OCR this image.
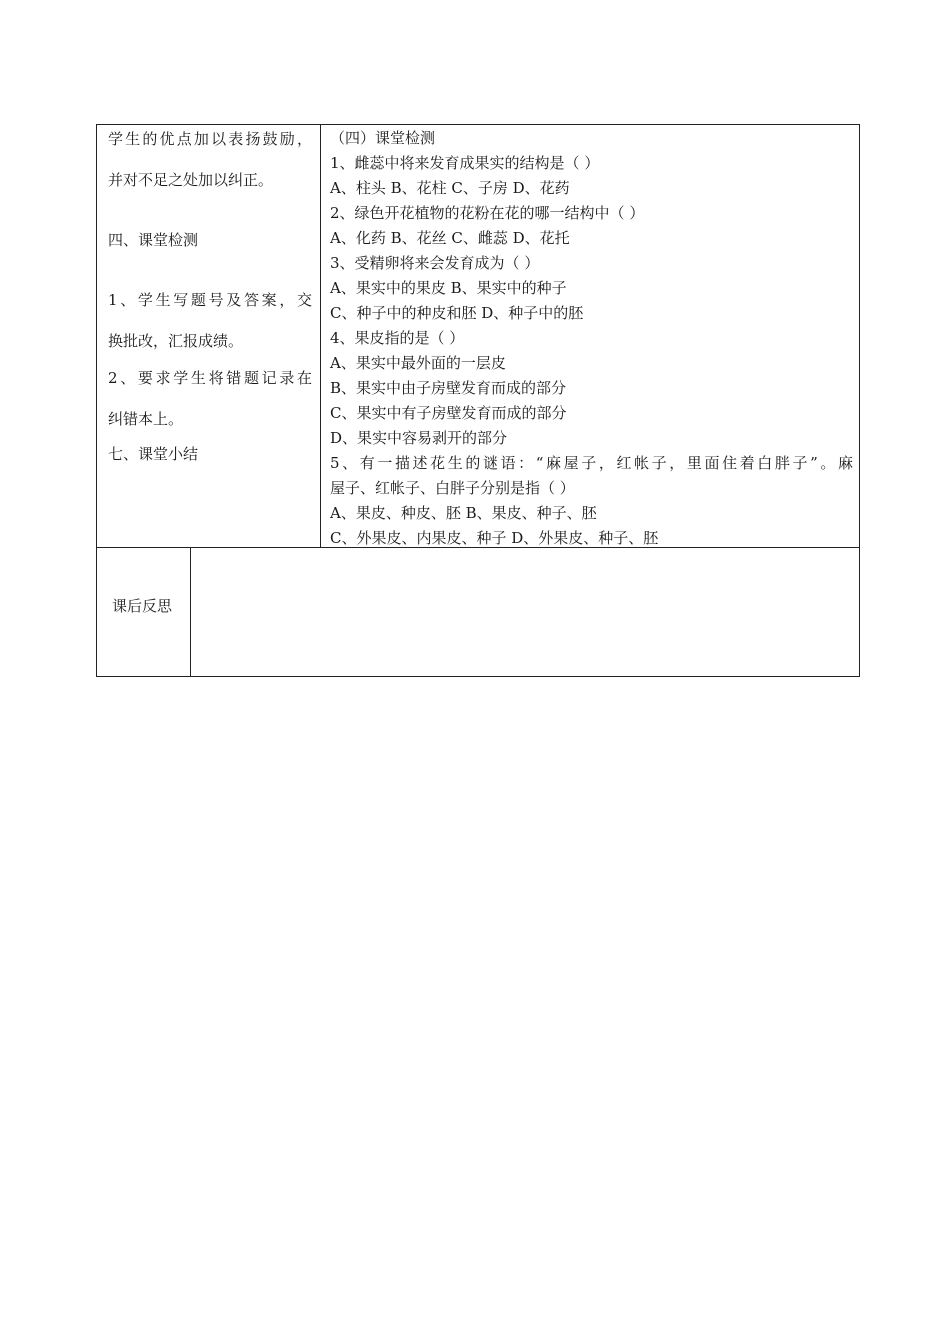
学生的优点加以表扬鼓励，
并对不足之处加以纠正。
四、课堂检测
1、学生写题号及答案，交
换批改，汇报成绩。
2、要求学生将错题记录在
纠错本上。
七、课堂小结
（四）课堂检测
1、雌蕊中将来发育成果实的结构是（ ）
A、柱头 B、花柱 C、子房 D、花药
2、绿色开花植物的花粉在花的哪一结构中（ ）
A、化药 B、花丝 C、雌蕊 D、花托
3、受精卵将来会发育成为（ ）
A、果实中的果皮 B、果实中的种子
C、种子中的种皮和胚 D、种子中的胚
4、果皮指的是（ ）
A、果实中最外面的一层皮
B、果实中由子房壁发育而成的部分
C、果实中有子房壁发育而成的部分
D、果实中容易剥开的部分
5、有一描述花生的谜语：“麻屋子，红帐子，里面住着白胖子”。麻
屋子、红帐子、白胖子分别是指（ ）
A、果皮、种皮、胚 B、果皮、种子、胚
C、外果皮、内果皮、种子 D、外果皮、种子、胚
课后反思
